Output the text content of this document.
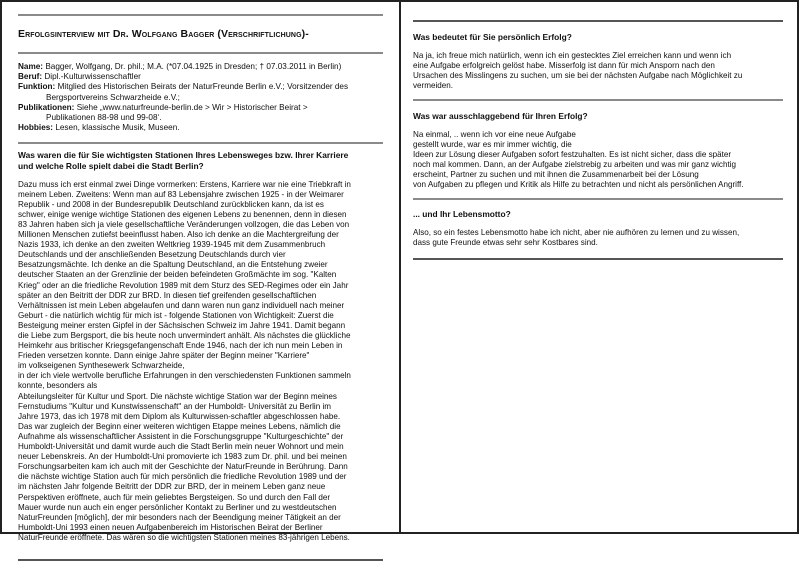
Erfolgsinterview mit Dr. Wolfgang Bagger (Verschriftlichung)-
Name: Bagger, Wolfgang, Dr. phil.; M.A. (*07.04.1925 in Dresden; † 07.03.2011 in Berlin)
Beruf: Dipl.-Kulturwissenschaftler
Funktion: Mitglied des Historischen Beirats der NaturFreunde Berlin e.V.; Vorsitzender des
Bergsportvereins Schwarzheide e.V.;
Publikationen: Siehe „www.naturfreunde-berlin.de > Wir > Historischer Beirat >
Publikationen 88-98 und 99-08‘.
Hobbies: Lesen, klassische Musik, Museen.
Was waren die für Sie wichtigsten Stationen Ihres Lebensweges bzw. Ihrer Karriere
und welche Rolle spielt dabei die Stadt Berlin?
Dazu muss ich erst einmal zwei Dinge vormerken: Erstens, Karriere war nie eine Triebkraft in
meinem Leben. Zweitens: Wenn man auf 83 Lebensjahre zwischen 1925 - in der Weimarer
Republik - und 2008 in der Bundesrepublik Deutschland zurückblicken kann, da ist es
schwer, einige wenige wichtige Stationen des eigenen Lebens zu benennen, denn in diesen
83 Jahren haben sich ja viele gesellschaftliche Veränderungen vollzogen, die das Leben von
Millionen Menschen zutiefst beeinflusst haben. Also ich denke an die Machtergreifung der
Nazis 1933, ich denke an den zweiten Weltkrieg 1939-1945 mit dem Zusammenbruch
Deutschlands und der anschließenden Besetzung Deutschlands durch vier
Besatzungsmächte. Ich denke an die Spaltung Deutschland, an die Entstehung zweier
deutscher Staaten an der Grenzlinie der beiden befeindeten Großmächte im sog. "Kalten
Krieg" oder an die friedliche Revolution 1989 mit dem Sturz des SED-Regimes oder ein Jahr
später an den Beitritt der DDR zur BRD. In diesen tief greifenden gesellschaftlichen
Verhältnissen ist mein Leben abgelaufen und dann waren nun ganz individuell nach meiner
Geburt - die natürlich wichtig für mich ist - folgende Stationen von Wichtigkeit: Zuerst die
Besteigung meiner ersten Gipfel in der Sächsischen Schweiz im Jahre 1941. Damit begann
die Liebe zum Bergsport, die bis heute noch unvermindert anhält. Als nächstes die glückliche
Heimkehr aus britischer Kriegsgefangenschaft Ende 1946, nach der ich nun mein Leben in
Frieden versetzen konnte. Dann einige Jahre später der Beginn meiner "Karriere"
im volkseigenen Synthesewerk Schwarzheide,
in der ich viele wertvolle berufliche Erfahrungen in den verschiedensten Funktionen sammeln
konnte, besonders als
Abteilungsleiter für Kultur und Sport. Die nächste wichtige Station war der Beginn meines
Fernstudiums "Kultur und Kunstwissenschaft" an der Humboldt- Universität zu Berlin im
Jahre 1973, das ich 1978 mit dem Diplom als Kulturwissen-schaftler abgeschlossen habe.
Das war zugleich der Beginn einer weiteren wichtigen Etappe meines Lebens, nämlich die
Aufnahme als wissenschaftlicher Assistent in die Forschungsgruppe "Kulturgeschichte" der
Humboldt-Universität und damit wurde auch die Stadt Berlin mein neuer Wohnort und mein
neuer Lebenskreis. An der Humboldt-Uni promovierte ich 1983 zum Dr. phil. und bei meinen
Forschungsarbeiten kam ich auch mit der Geschichte der NaturFreunde in Berührung. Dann
die nächste wichtige Station auch für mich persönlich die friedliche Revolution 1989 und der
im nächsten Jahr folgende Beitritt der DDR zur BRD, der in meinem Leben ganz neue
Perspektiven eröffnete, auch für mein geliebtes Bergsteigen. So und durch den Fall der
Mauer wurde nun auch ein enger persönlicher Kontakt zu Berliner und zu westdeutschen
NaturFreunden [möglich], der mir besonders nach der Beendigung meiner Tätigkeit an der
Humboldt-Uni 1993 einen neuen Aufgabenbereich im Historischen Beirat der Berliner
NaturFreunde eröffnete. Das wären so die wichtigsten Stationen meines 83-jährigen Lebens.
Was bedeutet für Sie persönlich Erfolg?
Na ja, ich freue mich natürlich, wenn ich ein gestecktes Ziel erreichen kann und wenn ich
eine Aufgabe erfolgreich gelöst habe. Misserfolg ist dann für mich Ansporn nach den
Ursachen des Misslingens zu suchen, um sie bei der nächsten Aufgabe nach Möglichkeit zu
vermeiden.
Was war ausschlaggebend für Ihren Erfolg?
Na einmal, .. wenn ich vor eine neue Aufgabe
gestellt wurde, war es mir immer wichtig, die
Ideen zur Lösung dieser Aufgaben sofort festzuhalten. Es ist nicht sicher, dass die später
noch mal kommen. Dann, an der Aufgabe zielstrebig zu arbeiten und was mir ganz wichtig
erscheint, Partner zu suchen und mit ihnen die Zusammenarbeit bei der Lösung
von Aufgaben zu pflegen und Kritik als Hilfe zu betrachten und nicht als persönlichen Angriff.
... und Ihr Lebensmotto?
Also, so ein festes Lebensmotto habe ich nicht, aber nie aufhören zu lernen und zu wissen,
dass gute Freunde etwas sehr sehr Kostbares sind.
